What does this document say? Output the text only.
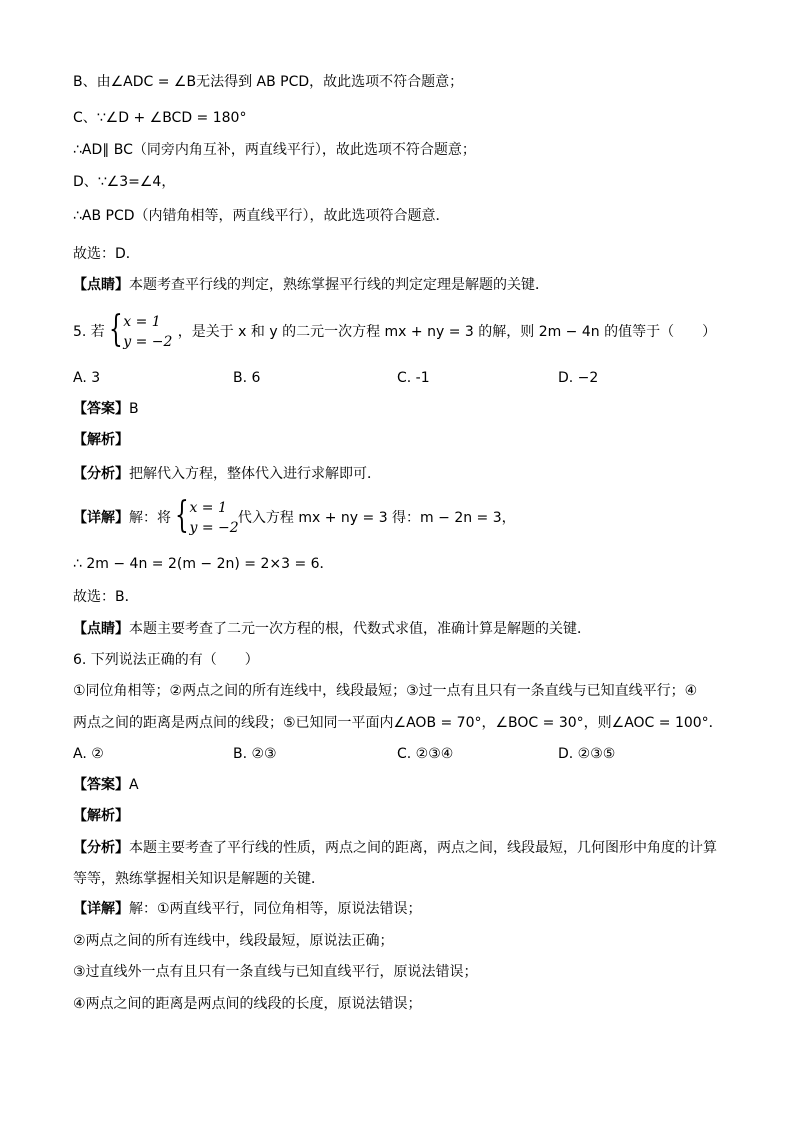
B、由∠ADC = ∠B无法得到 AB PCD，故此选项不符合题意；
C、∵∠D + ∠BCD = 180°
∴AD∥ BC（同旁内角互补，两直线平行），故此选项不符合题意；
D、∵∠3=∠4，
∴AB PCD（内错角相等，两直线平行），故此选项符合题意．
故选：D．
【点睛】本题考查平行线的判定，熟练掌握平行线的判定定理是解题的关键．
5. 若 { x = 1
y = −2
，是关于 x 和 y 的二元一次方程 mx + ny = 3 的解，则 2m − 4n 的值等于（　　）
A. 3	B. 6	C. -1	D. −2
【答案】B
【解析】
【分析】把解代入方程，整体代入进行求解即可．
【详解】解：将 { x = 1
y = −2
代入方程 mx + ny = 3 得：m − 2n = 3，
∴ 2m − 4n = 2(m − 2n) = 2×3 = 6．
故选：B．
【点睛】本题主要考查了二元一次方程的根，代数式求值，准确计算是解题的关键．
6. 下列说法正确的有（　　）
①同位角相等；②两点之间的所有连线中，线段最短；③过一点有且只有一条直线与已知直线平行；④
两点之间的距离是两点间的线段；⑤已知同一平面内∠AOB = 70°，∠BOC = 30°，则∠AOC = 100°．
A. ②	B. ②③	C. ②③④	D. ②③⑤
【答案】A
【解析】
【分析】本题主要考查了平行线的性质，两点之间的距离，两点之间，线段最短，几何图形中角度的计算
等等，熟练掌握相关知识是解题的关键．
【详解】解：①两直线平行，同位角相等，原说法错误；
②两点之间的所有连线中，线段最短，原说法正确；
③过直线外一点有且只有一条直线与已知直线平行，原说法错误；
④两点之间的距离是两点间的线段的长度，原说法错误；
